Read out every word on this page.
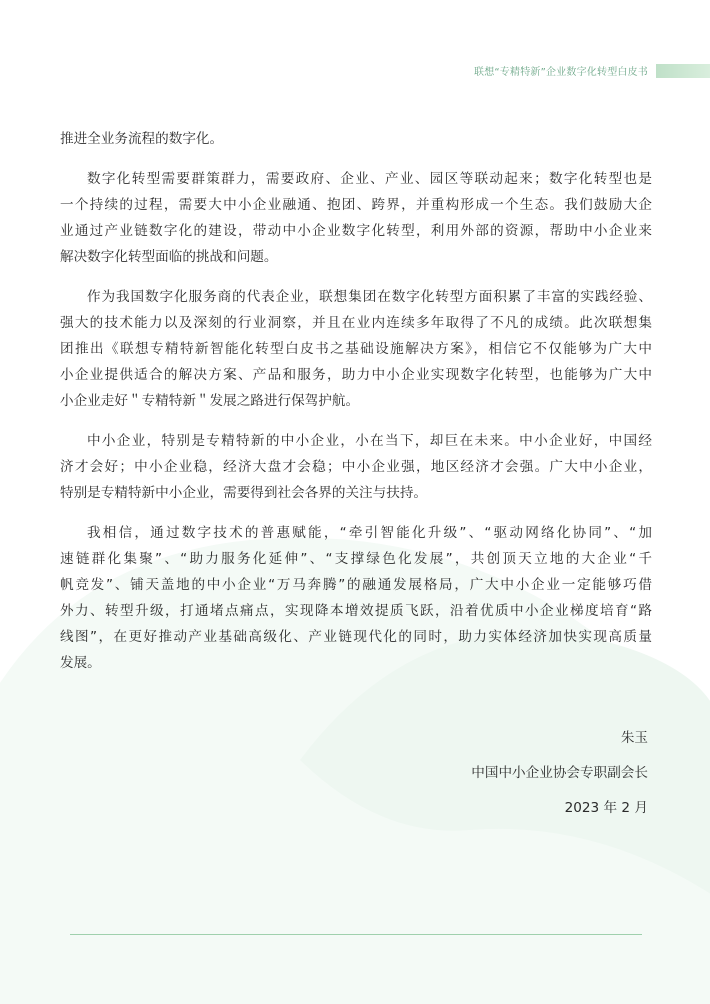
联想“专精特新”企业数字化转型白皮书

推进全业务流程的数字化。

数字化转型需要群策群力，需要政府、企业、产业、园区等联动起来；数字化转型也是
一个持续的过程，需要大中小企业融通、抱团、跨界，并重构形成一个生态。我们鼓励大企
业通过产业链数字化的建设，带动中小企业数字化转型，利用外部的资源，帮助中小企业来
解决数字化转型面临的挑战和问题。

作为我国数字化服务商的代表企业，联想集团在数字化转型方面积累了丰富的实践经验、
强大的技术能力以及深刻的行业洞察，并且在业内连续多年取得了不凡的成绩。此次联想集
团推出《联想专精特新智能化转型白皮书之基础设施解决方案》，相信它不仅能够为广大中
小企业提供适合的解决方案、产品和服务，助力中小企业实现数字化转型，也能够为广大中
小企业走好＂专精特新＂发展之路进行保驾护航。

中小企业，特别是专精特新的中小企业，小在当下，却巨在未来。中小企业好，中国经
济才会好；中小企业稳，经济大盘才会稳；中小企业强，地区经济才会强。广大中小企业，
特别是专精特新中小企业，需要得到社会各界的关注与扶持。

我相信，通过数字技术的普惠赋能，“牵引智能化升级”、“驱动网络化协同”、“加
速链群化集聚”、“助力服务化延伸”、“支撑绿色化发展”，共创顶天立地的大企业“千
帆竞发”、铺天盖地的中小企业“万马奔腾”的融通发展格局，广大中小企业一定能够巧借
外力、转型升级，打通堵点痛点，实现降本增效提质飞跃，沿着优质中小企业梯度培育“路
线图”，在更好推动产业基础高级化、产业链现代化的同时，助力实体经济加快实现高质量
发展。

朱玉
中国中小企业协会专职副会长
2023 年 2 月
